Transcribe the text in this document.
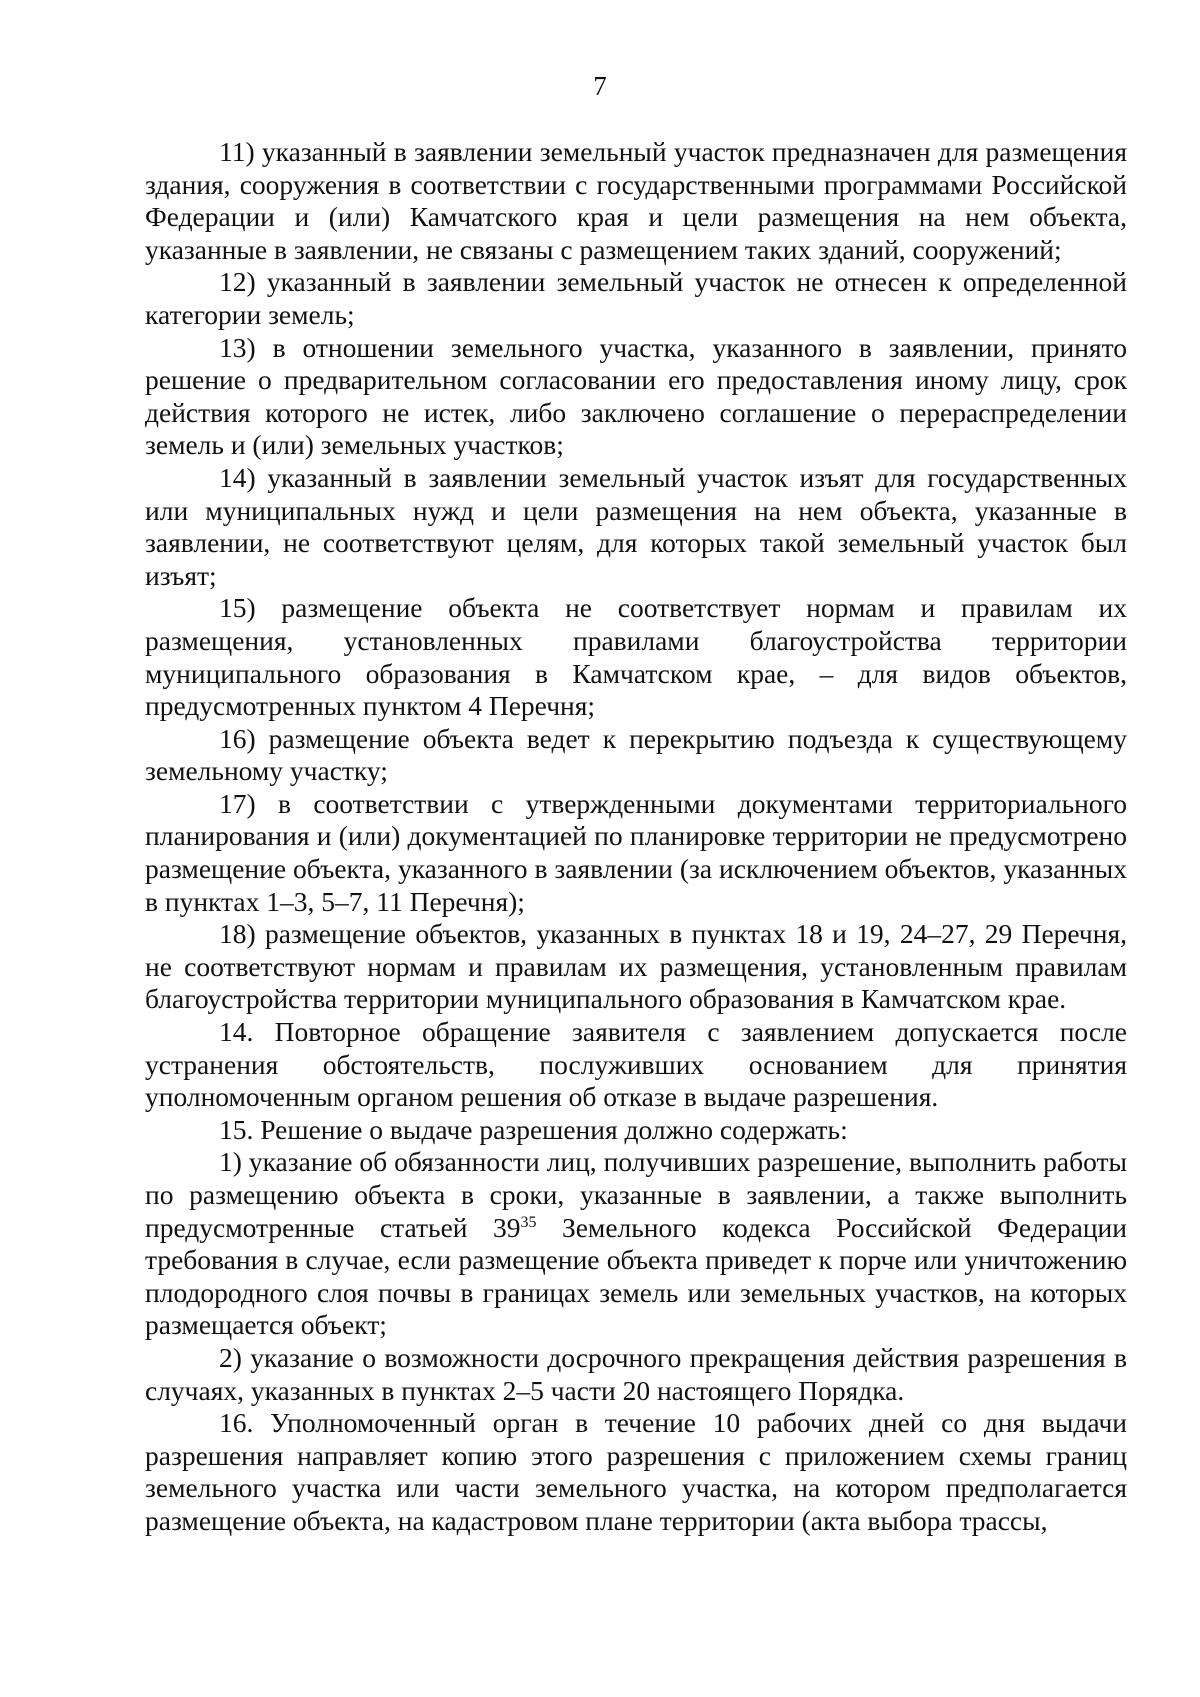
7

11) указанный в заявлении земельный участок предназначен для размещения здания, сооружения в соответствии с государственными программами Российской Федерации и (или) Камчатского края и цели размещения на нем объекта, указанные в заявлении, не связаны с размещением таких зданий, сооружений;

12) указанный в заявлении земельный участок не отнесен к определенной категории земель;

13) в отношении земельного участка, указанного в заявлении, принято решение о предварительном согласовании его предоставления иному лицу, срок действия которого не истек, либо заключено соглашение о перераспределении земель и (или) земельных участков;

14) указанный в заявлении земельный участок изъят для государственных или муниципальных нужд и цели размещения на нем объекта, указанные в заявлении, не соответствуют целям, для которых такой земельный участок был изъят;

15) размещение объекта не соответствует нормам и правилам их размещения, установленных правилами благоустройства территории муниципального образования в Камчатском крае, – для видов объектов, предусмотренных пунктом 4 Перечня;

16) размещение объекта ведет к перекрытию подъезда к существующему земельному участку;

17) в соответствии с утвержденными документами территориального планирования и (или) документацией по планировке территории не предусмотрено размещение объекта, указанного в заявлении (за исключением объектов, указанных в пунктах 1–3, 5–7, 11 Перечня);

18) размещение объектов, указанных в пунктах 18 и 19, 24–27, 29 Перечня, не соответствуют нормам и правилам их размещения, установленным правилам благоустройства территории муниципального образования в Камчатском крае.

14. Повторное обращение заявителя с заявлением допускается после устранения обстоятельств, послуживших основанием для принятия уполномоченным органом решения об отказе в выдаче разрешения.

15. Решение о выдаче разрешения должно содержать:

1) указание об обязанности лиц, получивших разрешение, выполнить работы по размещению объекта в сроки, указанные в заявлении, а также выполнить предусмотренные статьей $39^{35}$ Земельного кодекса Российской Федерации требования в случае, если размещение объекта приведет к порче или уничтожению плодородного слоя почвы в границах земель или земельных участков, на которых размещается объект;

2) указание о возможности досрочного прекращения действия разрешения в случаях, указанных в пунктах 2–5 части 20 настоящего Порядка.

16. Уполномоченный орган в течение 10 рабочих дней со дня выдачи разрешения направляет копию этого разрешения с приложением схемы границ земельного участка или части земельного участка, на котором предполагается размещение объекта, на кадастровом плане территории (акта выбора трассы,
